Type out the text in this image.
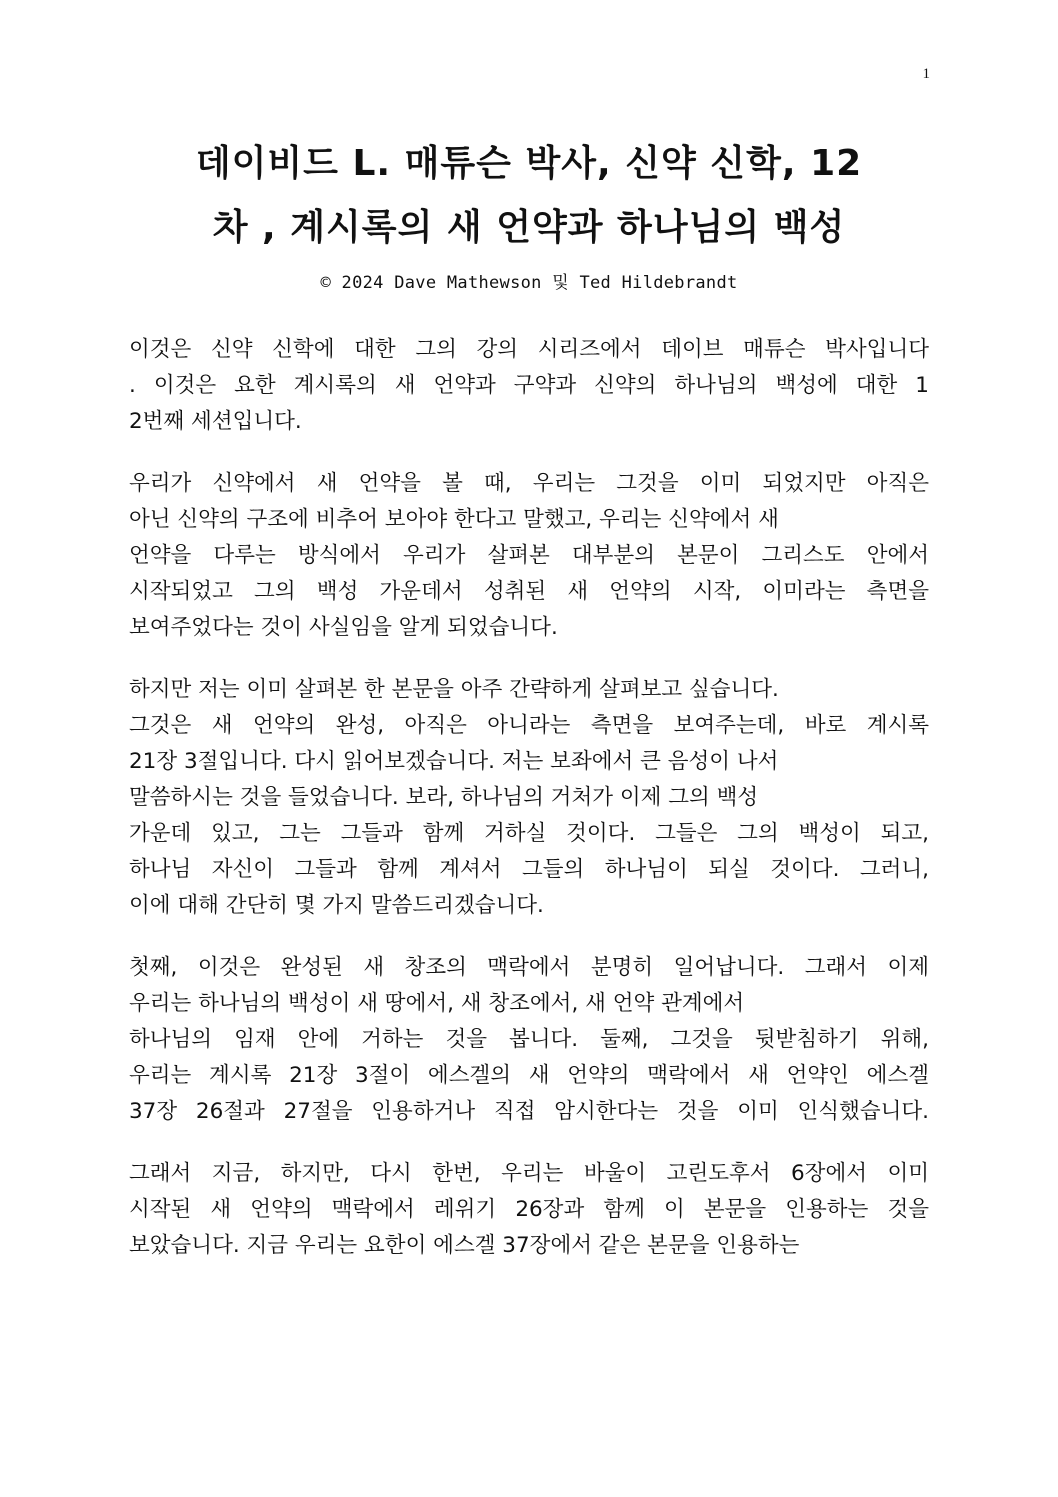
1
데이비드 L. 매튜슨 박사, 신약 신학, 12
차 , 계시록의 새 언약과 하나님의 백성
© 2024 Dave Mathewson 및 Ted Hildebrandt

이것은 신약 신학에 대한 그의 강의 시리즈에서 데이브 매튜슨 박사입니다
. 이것은 요한 계시록의 새 언약과 구약과 신약의 하나님의 백성에 대한 1
2번째 세션입니다.

우리가 신약에서 새 언약을 볼 때, 우리는 그것을 이미 되었지만 아직은
아닌 신약의 구조에 비추어 보아야 한다고 말했고, 우리는 신약에서 새
언약을 다루는 방식에서 우리가 살펴본 대부분의 본문이 그리스도 안에서
시작되었고 그의 백성 가운데서 성취된 새 언약의 시작, 이미라는 측면을
보여주었다는 것이 사실임을 알게 되었습니다.

하지만 저는 이미 살펴본 한 본문을 아주 간략하게 살펴보고 싶습니다.
그것은 새 언약의 완성, 아직은 아니라는 측면을 보여주는데, 바로 계시록
21장 3절입니다. 다시 읽어보겠습니다. 저는 보좌에서 큰 음성이 나서
말씀하시는 것을 들었습니다. 보라, 하나님의 거처가 이제 그의 백성
가운데 있고, 그는 그들과 함께 거하실 것이다. 그들은 그의 백성이 되고,
하나님 자신이 그들과 함께 계셔서 그들의 하나님이 되실 것이다. 그러니,
이에 대해 간단히 몇 가지 말씀드리겠습니다.

첫째, 이것은 완성된 새 창조의 맥락에서 분명히 일어납니다. 그래서 이제
우리는 하나님의 백성이 새 땅에서, 새 창조에서, 새 언약 관계에서
하나님의 임재 안에 거하는 것을 봅니다. 둘째, 그것을 뒷받침하기 위해,
우리는 계시록 21장 3절이 에스겔의 새 언약의 맥락에서 새 언약인 에스겔
37장 26절과 27절을 인용하거나 직접 암시한다는 것을 이미 인식했습니다.

그래서 지금, 하지만, 다시 한번, 우리는 바울이 고린도후서 6장에서 이미
시작된 새 언약의 맥락에서 레위기 26장과 함께 이 본문을 인용하는 것을
보았습니다. 지금 우리는 요한이 에스겔 37장에서 같은 본문을 인용하는
